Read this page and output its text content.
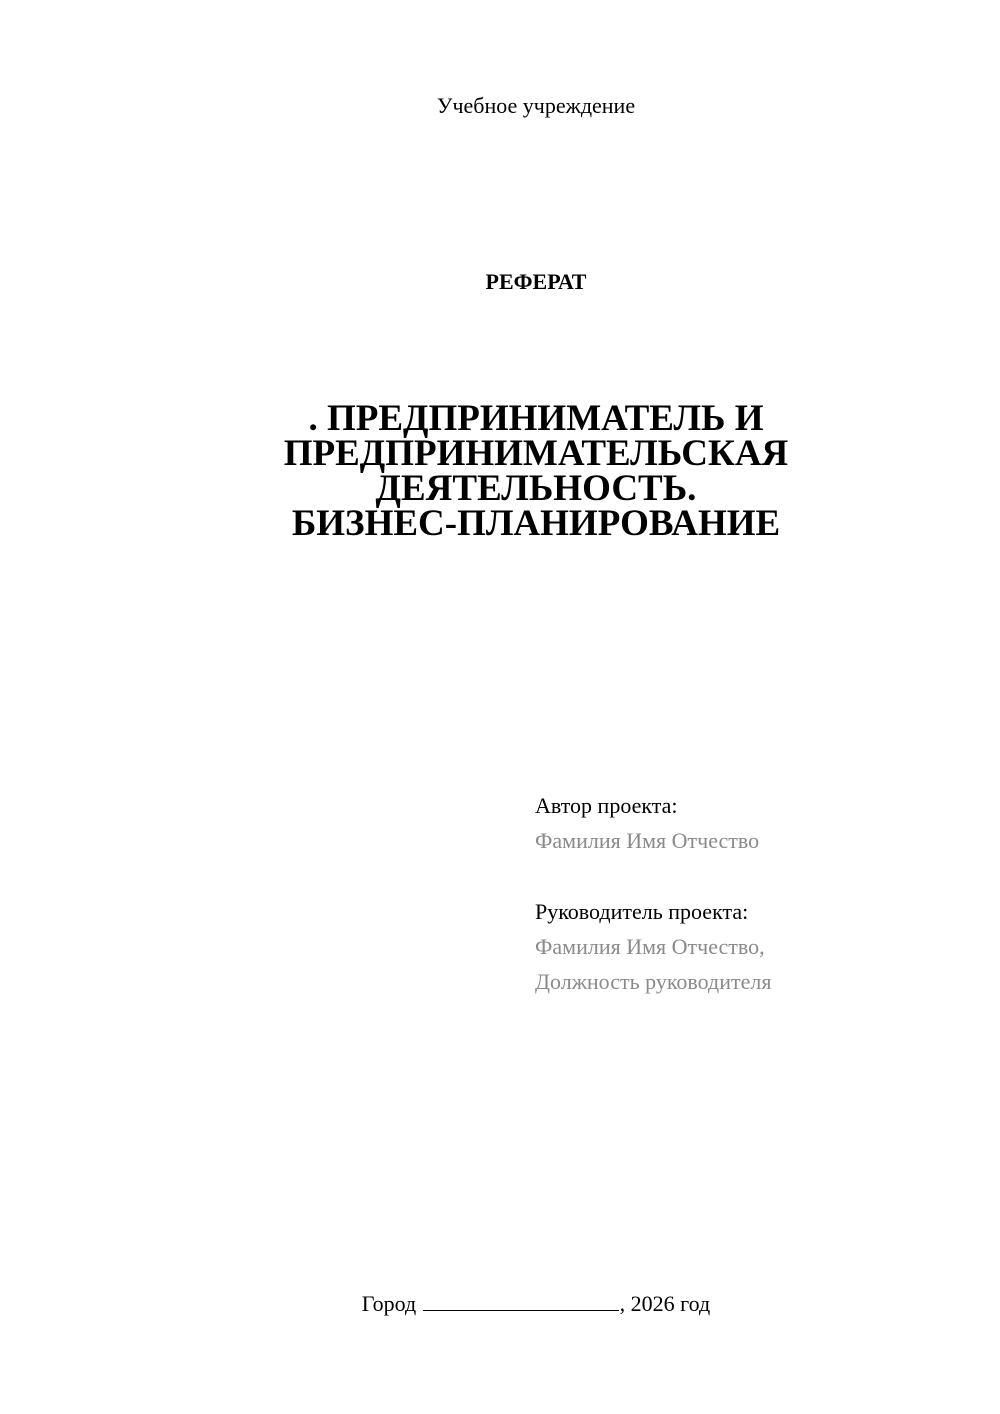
Учебное учреждение
РЕФЕРАТ
. ПРЕДПРИНИМАТЕЛЬ И
ПРЕДПРИНИМАТЕЛЬСКАЯ
ДЕЯТЕЛЬНОСТЬ.
БИЗНЕС-ПЛАНИРОВАНИЕ
Автор проекта:
Фамилия Имя Отчество
Руководитель проекта:
Фамилия Имя Отчество,
Должность руководителя
Город	, 2026 год
